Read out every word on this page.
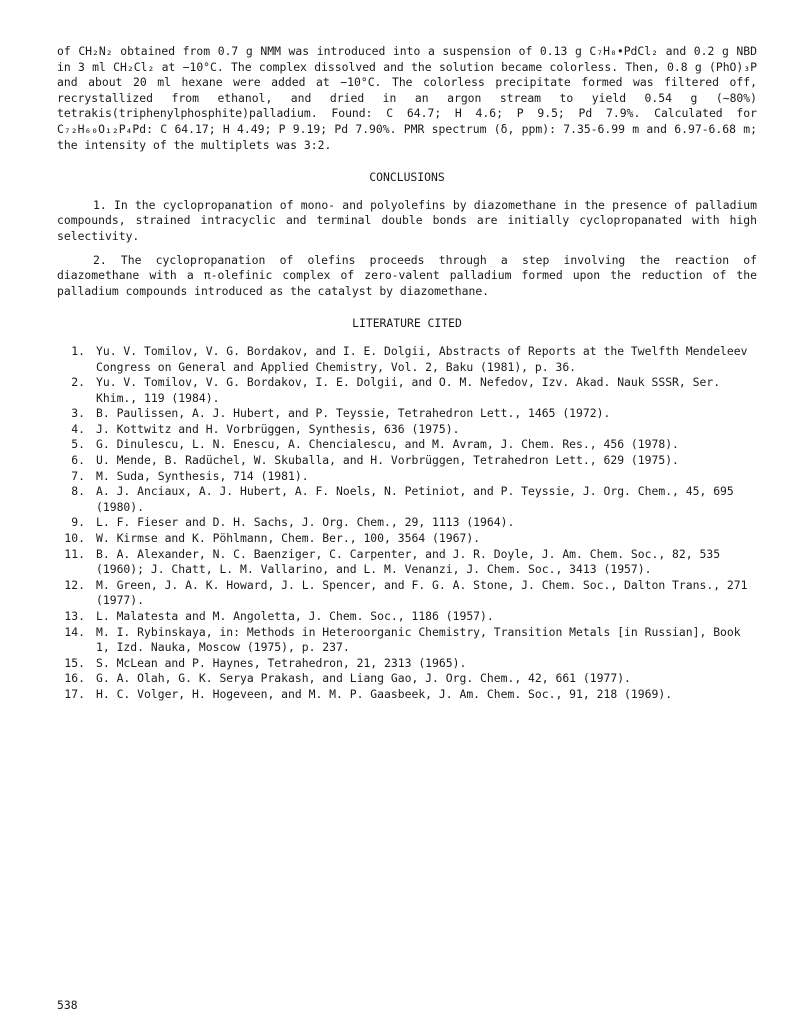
of CH₂N₂ obtained from 0.7 g NMM was introduced into a suspension of 0.13 g C₇H₈•PdCl₂ and 0.2 g NBD in 3 ml CH₂Cl₂ at −10°C. The complex dissolved and the solution became colorless. Then, 0.8 g (PhO)₃P and about 20 ml hexane were added at −10°C. The colorless precipitate formed was filtered off, recrystallized from ethanol, and dried in an argon stream to yield 0.54 g (∼80%) tetrakis(triphenylphosphite)palladium. Found: C 64.7; H 4.6; P 9.5; Pd 7.9%. Calculated for C₇₂H₆₀O₁₂P₄Pd: C 64.17; H 4.49; P 9.19; Pd 7.90%. PMR spectrum (δ, ppm): 7.35-6.99 m and 6.97-6.68 m; the intensity of the multiplets was 3:2.

CONCLUSIONS

1. In the cyclopropanation of mono- and polyolefins by diazomethane in the presence of palladium compounds, strained intracyclic and terminal double bonds are initially cyclopropanated with high selectivity.

2. The cyclopropanation of olefins proceeds through a step involving the reaction of diazomethane with a π-olefinic complex of zero-valent palladium formed upon the reduction of the palladium compounds introduced as the catalyst by diazomethane.

LITERATURE CITED
1. Yu. V. Tomilov, V. G. Bordakov, and I. E. Dolgii, Abstracts of Reports at the Twelfth Mendeleev Congress on General and Applied Chemistry, Vol. 2, Baku (1981), p. 36.
2. Yu. V. Tomilov, V. G. Bordakov, I. E. Dolgii, and O. M. Nefedov, Izv. Akad. Nauk SSSR, Ser. Khim., 119 (1984).
3. B. Paulissen, A. J. Hubert, and P. Teyssie, Tetrahedron Lett., 1465 (1972).
4. J. Kottwitz and H. Vorbrüggen, Synthesis, 636 (1975).
5. G. Dinulescu, L. N. Enescu, A. Chencialescu, and M. Avram, J. Chem. Res., 456 (1978).
6. U. Mende, B. Radüchel, W. Skuballa, and H. Vorbrüggen, Tetrahedron Lett., 629 (1975).
7. M. Suda, Synthesis, 714 (1981).
8. A. J. Anciaux, A. J. Hubert, A. F. Noels, N. Petiniot, and P. Teyssie, J. Org. Chem., 45, 695 (1980).
9. L. F. Fieser and D. H. Sachs, J. Org. Chem., 29, 1113 (1964).
10. W. Kirmse and K. Pöhlmann, Chem. Ber., 100, 3564 (1967).
11. B. A. Alexander, N. C. Baenziger, C. Carpenter, and J. R. Doyle, J. Am. Chem. Soc., 82, 535 (1960); J. Chatt, L. M. Vallarino, and L. M. Venanzi, J. Chem. Soc., 3413 (1957).
12. M. Green, J. A. K. Howard, J. L. Spencer, and F. G. A. Stone, J. Chem. Soc., Dalton Trans., 271 (1977).
13. L. Malatesta and M. Angoletta, J. Chem. Soc., 1186 (1957).
14. M. I. Rybinskaya, in: Methods in Heteroorganic Chemistry, Transition Metals [in Russian], Book 1, Izd. Nauka, Moscow (1975), p. 237.
15. S. McLean and P. Haynes, Tetrahedron, 21, 2313 (1965).
16. G. A. Olah, G. K. Serya Prakash, and Liang Gao, J. Org. Chem., 42, 661 (1977).
17. H. C. Volger, H. Hogeveen, and M. M. P. Gaasbeek, J. Am. Chem. Soc., 91, 218 (1969).
538
